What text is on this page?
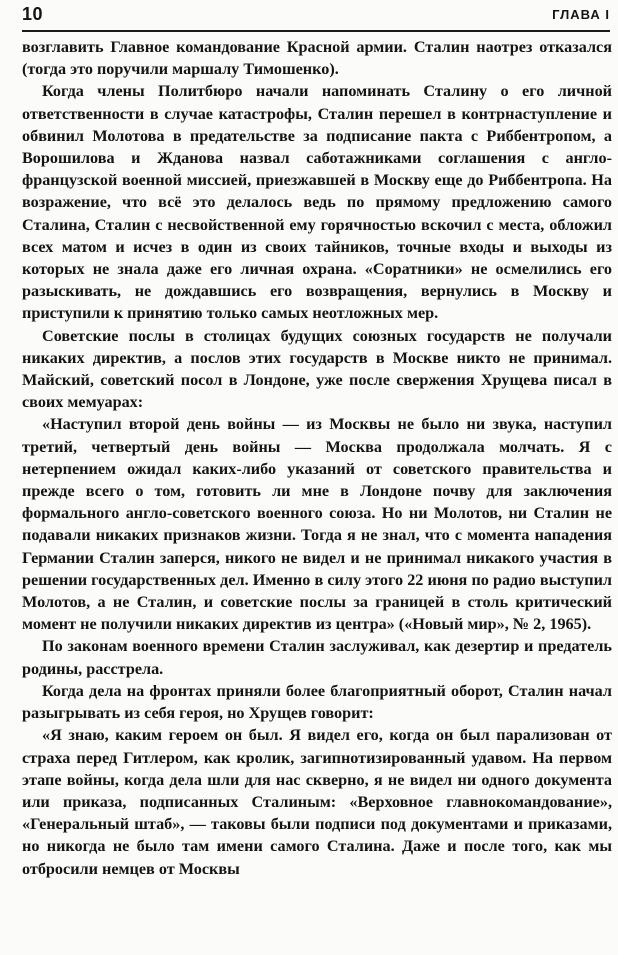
10	ГЛАВА I

возглавить Главное командование Красной армии. Сталин наотрез отказался (тогда это поручили маршалу Тимошенко).

Когда члены Политбюро начали напоминать Сталину о его личной ответственности в случае катастрофы, Сталин перешел в контрнаступление и обвинил Молотова в предательстве за подписание пакта с Риббентропом, а Ворошилова и Жданова назвал саботажниками соглашения с англо-французской военной миссией, приезжавшей в Москву еще до Риббентропа. На возражение, что всё это делалось ведь по прямому предложению самого Сталина, Сталин с несвойственной ему горячностью вскочил с места, обложил всех матом и исчез в один из своих тайников, точные входы и выходы из которых не знала даже его личная охрана. «Соратники» не осмелились его разыскивать, не дождавшись его возвращения, вернулись в Москву и приступили к принятию только самых неотложных мер.

Советские послы в столицах будущих союзных государств не получали никаких директив, а послов этих государств в Москве никто не принимал. Майский, советский посол в Лондоне, уже после свержения Хрущева писал в своих мемуарах:

«Наступил второй день войны — из Москвы не было ни звука, наступил третий, четвертый день войны — Москва продолжала молчать. Я с нетерпением ожидал каких-либо указаний от советского правительства и прежде всего о том, готовить ли мне в Лондоне почву для заключения формального англо-советского военного союза. Но ни Молотов, ни Сталин не подавали никаких признаков жизни. Тогда я не знал, что с момента нападения Германии Сталин заперся, никого не видел и не принимал никакого участия в решении государственных дел. Именно в силу этого 22 июня по радио выступил Молотов, а не Сталин, и советские послы за границей в столь критический момент не получили никаких директив из центра» («Новый мир», № 2, 1965).

По законам военного времени Сталин заслуживал, как дезертир и предатель родины, расстрела.

Когда дела на фронтах приняли более благоприятный оборот, Сталин начал разыгрывать из себя героя, но Хрущев говорит:

«Я знаю, каким героем он был. Я видел его, когда он был парализован от страха перед Гитлером, как кролик, загипнотизированный удавом. На первом этапе войны, когда дела шли для нас скверно, я не видел ни одного документа или приказа, подписанных Сталиным: «Верховное главнокомандование», «Генеральный штаб», — таковы были подписи под документами и приказами, но никогда не было там имени самого Сталина. Даже и после того, как мы отбросили немцев от Москвы
